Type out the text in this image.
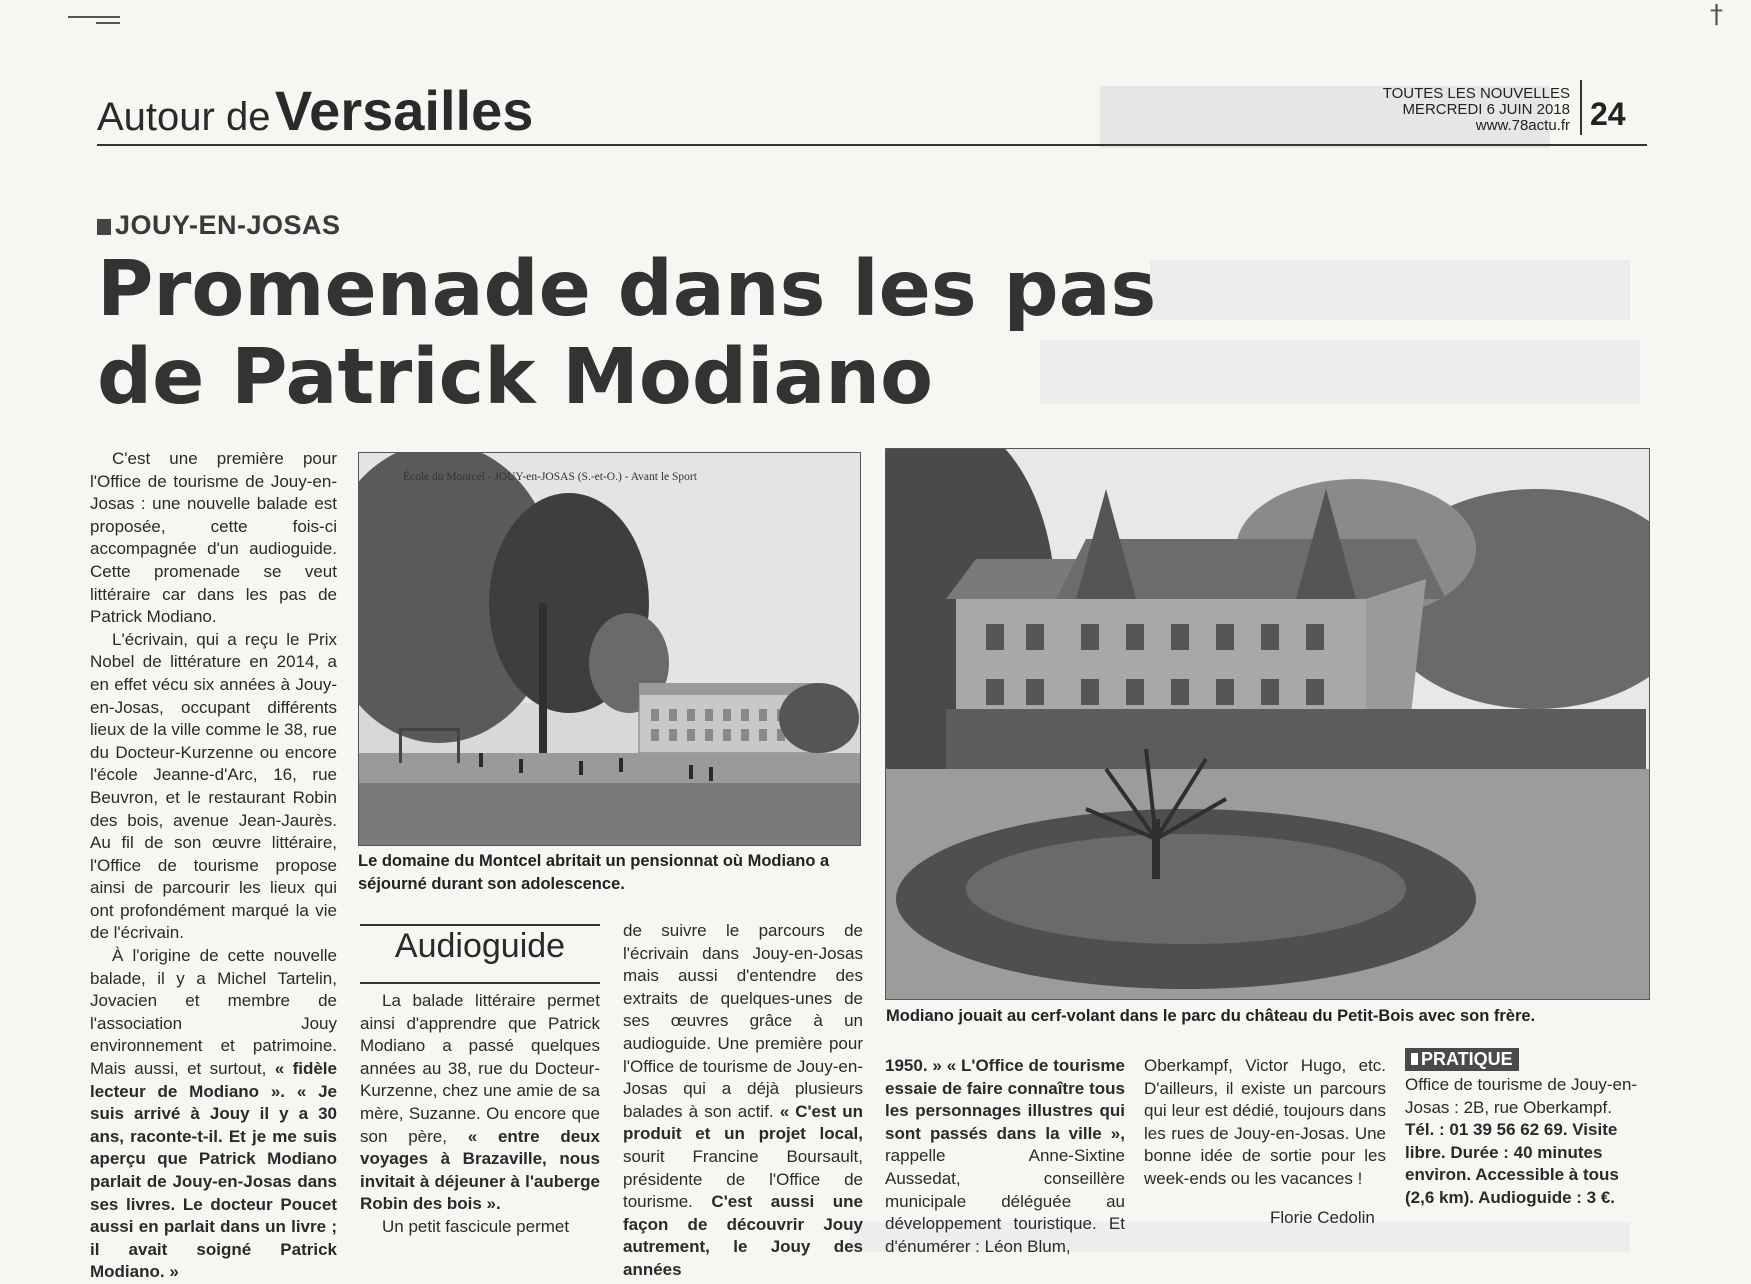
†
Autour de Versailles	TOUTES LES NOUVELLES
MERCREDI 6 JUIN 2018
www.78actu.fr 24
JOUY-EN-JOSAS
Promenade dans les pas
de Patrick Modiano

C'est une première pour l'Office de tourisme de Jouy-en-Josas : une nouvelle balade est proposée, cette fois-ci accompagnée d'un audioguide. Cette promenade se veut littéraire car dans les pas de Patrick Modiano.

L'écrivain, qui a reçu le Prix Nobel de littérature en 2014, a en effet vécu six années à Jouy-en-Josas, occupant différents lieux de la ville comme le 38, rue du Docteur-Kurzenne ou encore l'école Jeanne-d'Arc, 16, rue Beuvron, et le restaurant Robin des bois, avenue Jean-Jaurès. Au fil de son œuvre littéraire, l'Office de tourisme propose ainsi de parcourir les lieux qui ont profondément marqué la vie de l'écrivain.

À l'origine de cette nouvelle balade, il y a Michel Tartelin, Jovacien et membre de l'association Jouy environnement et patrimoine. Mais aussi, et surtout, « fidèle lecteur de Modiano ». « Je suis arrivé à Jouy il y a 30 ans, raconte-t-il. Et je me suis aperçu que Patrick Modiano parlait de Jouy-en-Josas dans ses livres. Le docteur Poucet aussi en parlait dans un livre ; il avait soigné Patrick Modiano. »

École du Montcel - JOUY-en-JOSAS (S.-et-O.) - Avant le Sport
Le domaine du Montcel abritait un pensionnat où Modiano a séjourné durant son adolescence.
Modiano jouait au cerf-volant dans le parc du château du Petit-Bois avec son frère.
Audioguide

La balade littéraire permet ainsi d'apprendre que Patrick Modiano a passé quelques années au 38, rue du Docteur-Kurzenne, chez une amie de sa mère, Suzanne. Ou encore que son père, « entre deux voyages à Brazaville, nous invitait à déjeuner à l'auberge Robin des bois ».

Un petit fascicule permet

de suivre le parcours de l'écrivain dans Jouy-en-Josas mais aussi d'entendre des extraits de quelques-unes de ses œuvres grâce à un audioguide. Une première pour l'Office de tourisme de Jouy-en-Josas qui a déjà plusieurs balades à son actif. « C'est un produit et un projet local, sourit Francine Boursault, présidente de l'Office de tourisme. C'est aussi une façon de découvrir Jouy autrement, le Jouy des années

1950. » « L'Office de tourisme essaie de faire connaître tous les personnages illustres qui sont passés dans la ville », rappelle Anne-Sixtine Aussedat, conseillère municipale déléguée au développement touristique. Et d'énumérer : Léon Blum,

Oberkampf, Victor Hugo, etc. D'ailleurs, il existe un parcours qui leur est dédié, toujours dans les rues de Jouy-en-Josas. Une bonne idée de sortie pour les week-ends ou les vacances !

Florie Cedolin
PRATIQUE
Office de tourisme de Jouy-en-Josas : 2B, rue Oberkampf. Tél. : 01 39 56 62 69. Visite libre. Durée : 40 minutes environ. Accessible à tous (2,6 km). Audioguide : 3 €.
